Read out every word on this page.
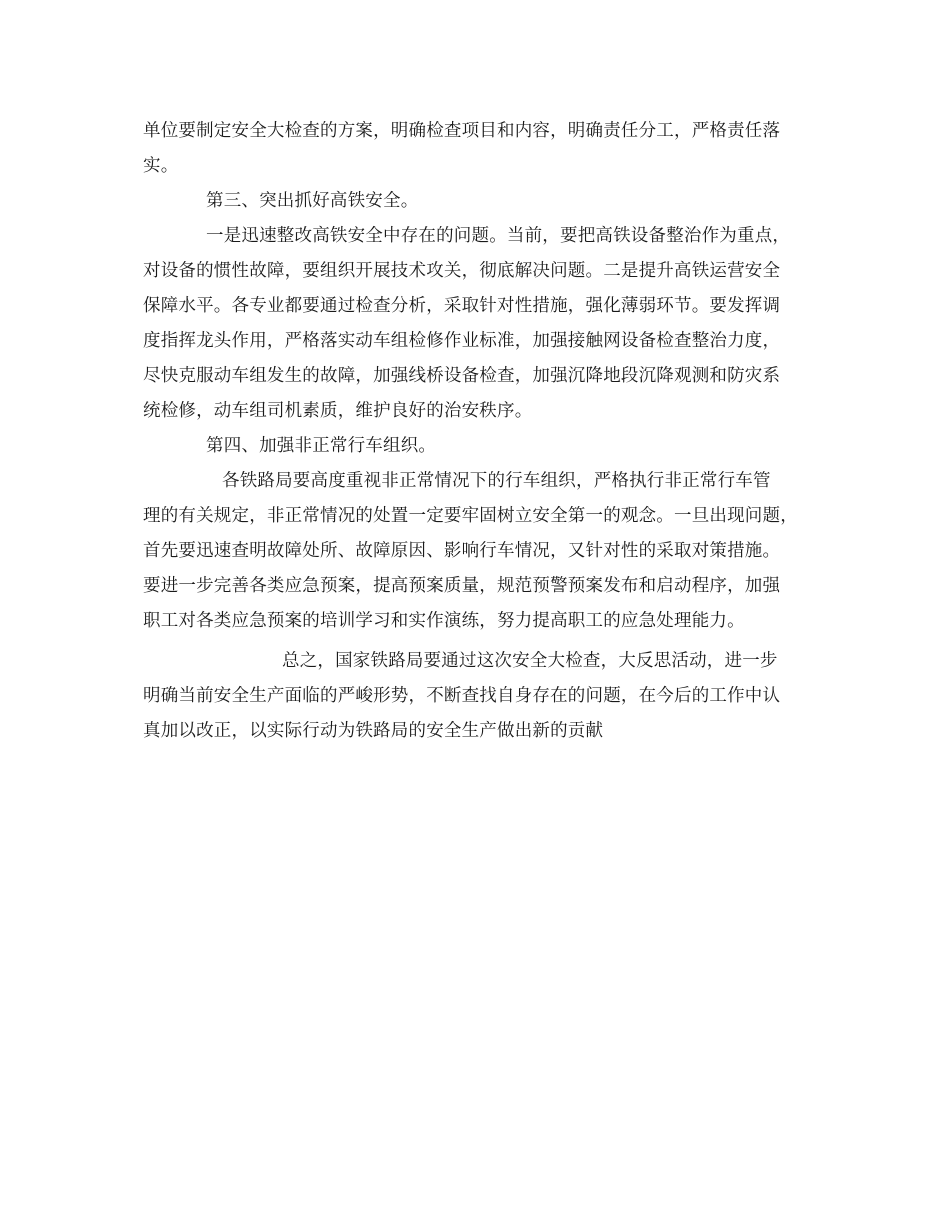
单位要制定安全大检查的方案，明确检查项目和内容，明确责任分工，严格责任落
实。
第三、突出抓好高铁安全。
一是迅速整改高铁安全中存在的问题。当前，要把高铁设备整治作为重点，
对设备的惯性故障，要组织开展技术攻关，彻底解决问题。二是提升高铁运营安全
保障水平。各专业都要通过检查分析，采取针对性措施，强化薄弱环节。要发挥调
度指挥龙头作用，严格落实动车组检修作业标准，加强接触网设备检查整治力度，
尽快克服动车组发生的故障，加强线桥设备检查，加强沉降地段沉降观测和防灾系
统检修，动车组司机素质，维护良好的治安秩序。
第四、加强非正常行车组织。
各铁路局要高度重视非正常情况下的行车组织，严格执行非正常行车管
理的有关规定，非正常情况的处置一定要牢固树立安全第一的观念。一旦出现问题，
首先要迅速查明故障处所、故障原因、影响行车情况，又针对性的采取对策措施。
要进一步完善各类应急预案，提高预案质量，规范预警预案发布和启动程序，加强
职工对各类应急预案的培训学习和实作演练，努力提高职工的应急处理能力。
总之，国家铁路局要通过这次安全大检查，大反思活动，进一步
明确当前安全生产面临的严峻形势，不断查找自身存在的问题，在今后的工作中认
真加以改正，以实际行动为铁路局的安全生产做出新的贡献
